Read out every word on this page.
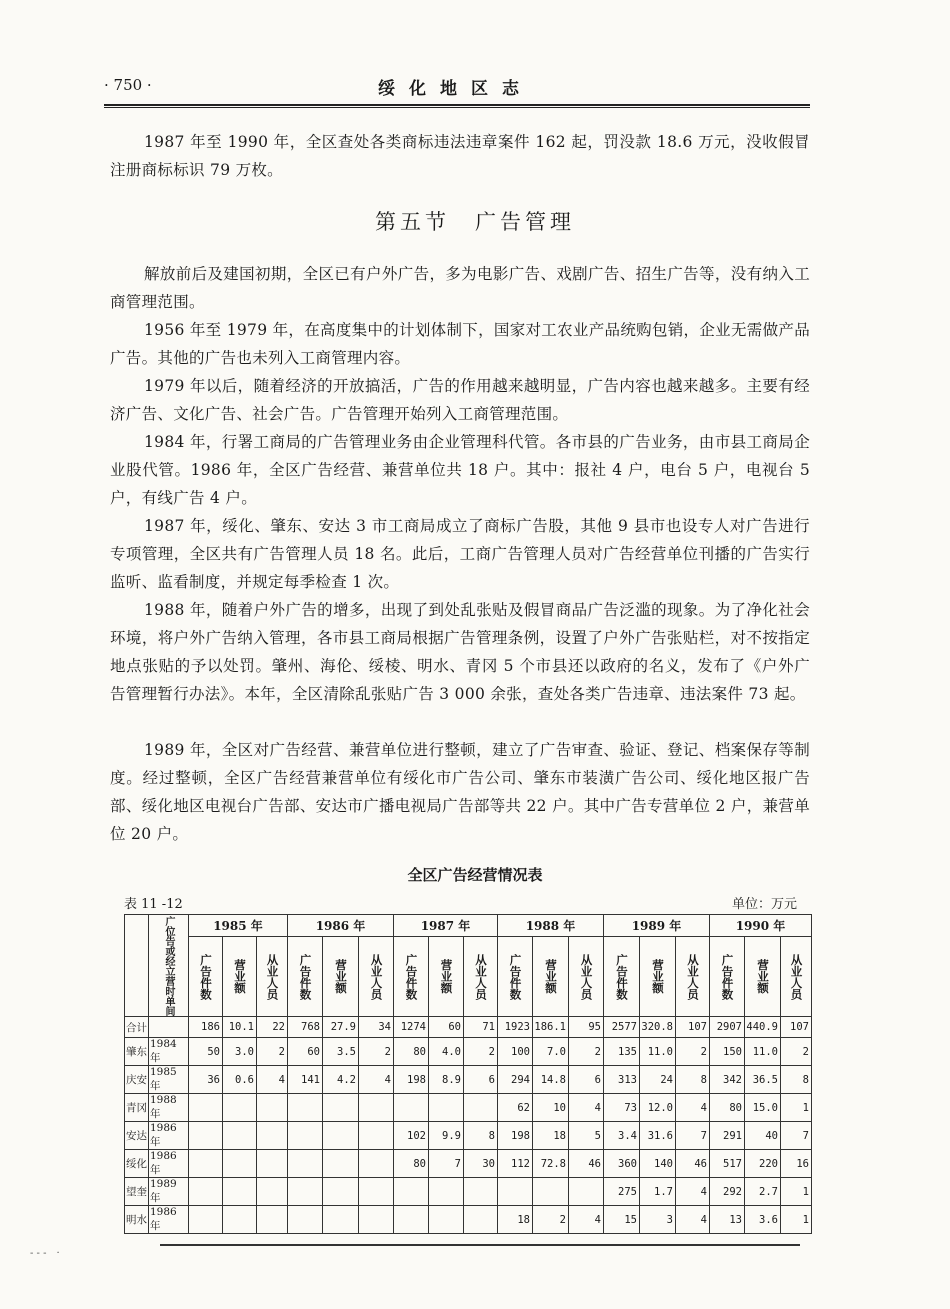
· 750 ·	绥化地区志

1987 年至 1990 年，全区查处各类商标违法违章案件 162 起，罚没款 18.6 万元，没收假冒注册商标标识 79 万枚。

第五节　广告管理

解放前后及建国初期，全区已有户外广告，多为电影广告、戏剧广告、招生广告等，没有纳入工商管理范围。

1956 年至 1979 年，在高度集中的计划体制下，国家对工农业产品统购包销，企业无需做产品广告。其他的广告也未列入工商管理内容。

1979 年以后，随着经济的开放搞活，广告的作用越来越明显，广告内容也越来越多。主要有经济广告、文化广告、社会广告。广告管理开始列入工商管理范围。

1984 年，行署工商局的广告管理业务由企业管理科代管。各市县的广告业务，由市县工商局企业股代管。1986 年，全区广告经营、兼营单位共 18 户。其中：报社 4 户，电台 5 户，电视台 5 户，有线广告 4 户。

1987 年，绥化、肇东、安达 3 市工商局成立了商标广告股，其他 9 县市也设专人对广告进行专项管理，全区共有广告管理人员 18 名。此后，工商广告管理人员对广告经营单位刊播的广告实行监听、监看制度，并规定每季检查 1 次。

1988 年，随着户外广告的增多，出现了到处乱张贴及假冒商品广告泛滥的现象。为了净化社会环境，将户外广告纳入管理，各市县工商局根据广告管理条例，设置了户外广告张贴栏，对不按指定地点张贴的予以处罚。肇州、海伦、绥棱、明水、青冈 5 个市县还以政府的名义，发布了《户外广告管理暂行办法》。本年，全区清除乱张贴广告 3 000 余张，查处各类广告违章、违法案件 73 起。

1989 年，全区对广告经营、兼营单位进行整顿，建立了广告审查、验证、登记、档案保存等制度。经过整顿，全区广告经营兼营单位有绥化市广告公司、肇东市装潢广告公司、绥化地区报广告部、绥化地区电视台广告部、安达市广播电视局广告部等共 22 户。其中广告专营单位 2 户，兼营单位 20 户。

全区广告经营情况表
表 11 -12	单位：万元

	广位告或经立营时单间	1985 年			1986 年			1987 年			1988 年			1989 年			1990 年		

		广告件数	营业额	从业人员	广告件数	营业额	从业人员	广告件数	营业额	从业人员	广告件数	营业额	从业人员	广告件数	营业额	从业人员	广告件数	营业额	从业人员

合计		186	10.1	22	768	27.9	34	1274	60	71	1923	186.1	95	2577	320.8	107	2907	440.9	107
肇东	1984 年	50	3.0	2	60	3.5	2	80	4.0	2	100	7.0	2	135	11.0	2	150	11.0	2
庆安	1985 年	36	0.6	4	141	4.2	4	198	8.9	6	294	14.8	6	313	24	8	342	36.5	8
青冈	1988 年										62	10	4	73	12.0	4	80	15.0	1
安达	1986 年							102	9.9	8	198	18	5	3.4	31.6	7	291	40	7
绥化	1986 年							80	7	30	112	72.8	46	360	140	46	517	220	16
望奎	1989 年													275	1.7	4	292	2.7	1
明水	1986 年										18	2	4	15	3	4	13	3.6	1
- - -　·
